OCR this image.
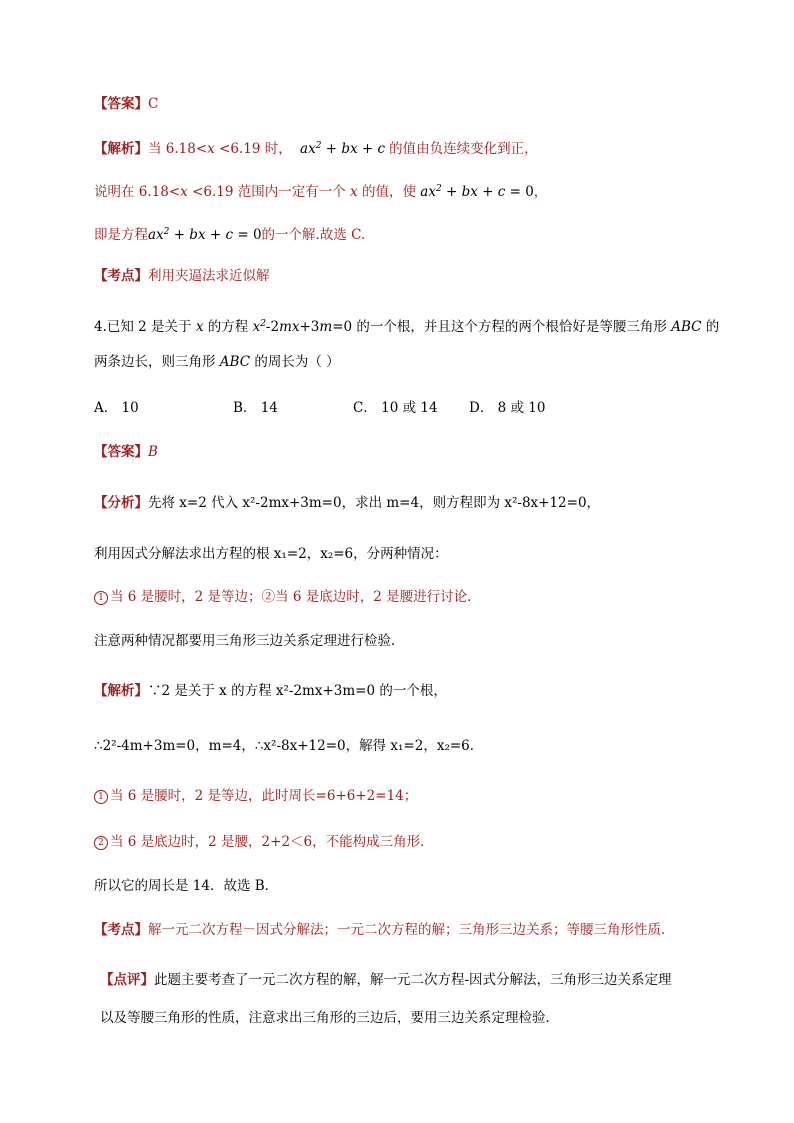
【答案】C
【解析】当 6.18<x <6.19 时， $ax^2$ + bx + c 的值由负连续变化到正，
说明在 6.18<x <6.19 范围内一定有一个 x 的值，使 $ax^2$ + bx + c = 0，
即是方程$ax^2$ + bx + c = 0的一个解.故选 C.
【考点】利用夹逼法求近似解
4.已知 2 是关于 x 的方程 $x^2-2mx+3m=0$ 的一个根，并且这个方程的两个根恰好是等腰三角形 ABC 的
两条边长，则三角形 ABC 的周长为（ ）
A． 10	B． 14	C． 10 或 14 D． 8 或 10
【答案】B
【分析】先将 x=2 代入 x²-2mx+3m=0，求出 m=4，则方程即为 x²-8x+12=0，
利用因式分解法求出方程的根 x₁=2，x₂=6，分两种情况：
1 当 6 是腰时，2 是等边；②当 6 是底边时，2 是腰进行讨论．
注意两种情况都要用三角形三边关系定理进行检验．
【解析】∵2 是关于 x 的方程 x²-2mx+3m=0 的一个根，
∴2²-4m+3m=0，m=4，∴x²-8x+12=0，解得 x₁=2，x₂=6．
1 当 6 是腰时，2 是等边，此时周长=6+6+2=14；
2 当 6 是底边时，2 是腰，2+2＜6，不能构成三角形．
所以它的周长是 14．故选 B．
【考点】解一元二次方程－因式分解法；一元二次方程的解；三角形三边关系；等腰三角形性质．
【点评】此题主要考查了一元二次方程的解，解一元二次方程-因式分解法，三角形三边关系定理
以及等腰三角形的性质，注意求出三角形的三边后，要用三边关系定理检验．
